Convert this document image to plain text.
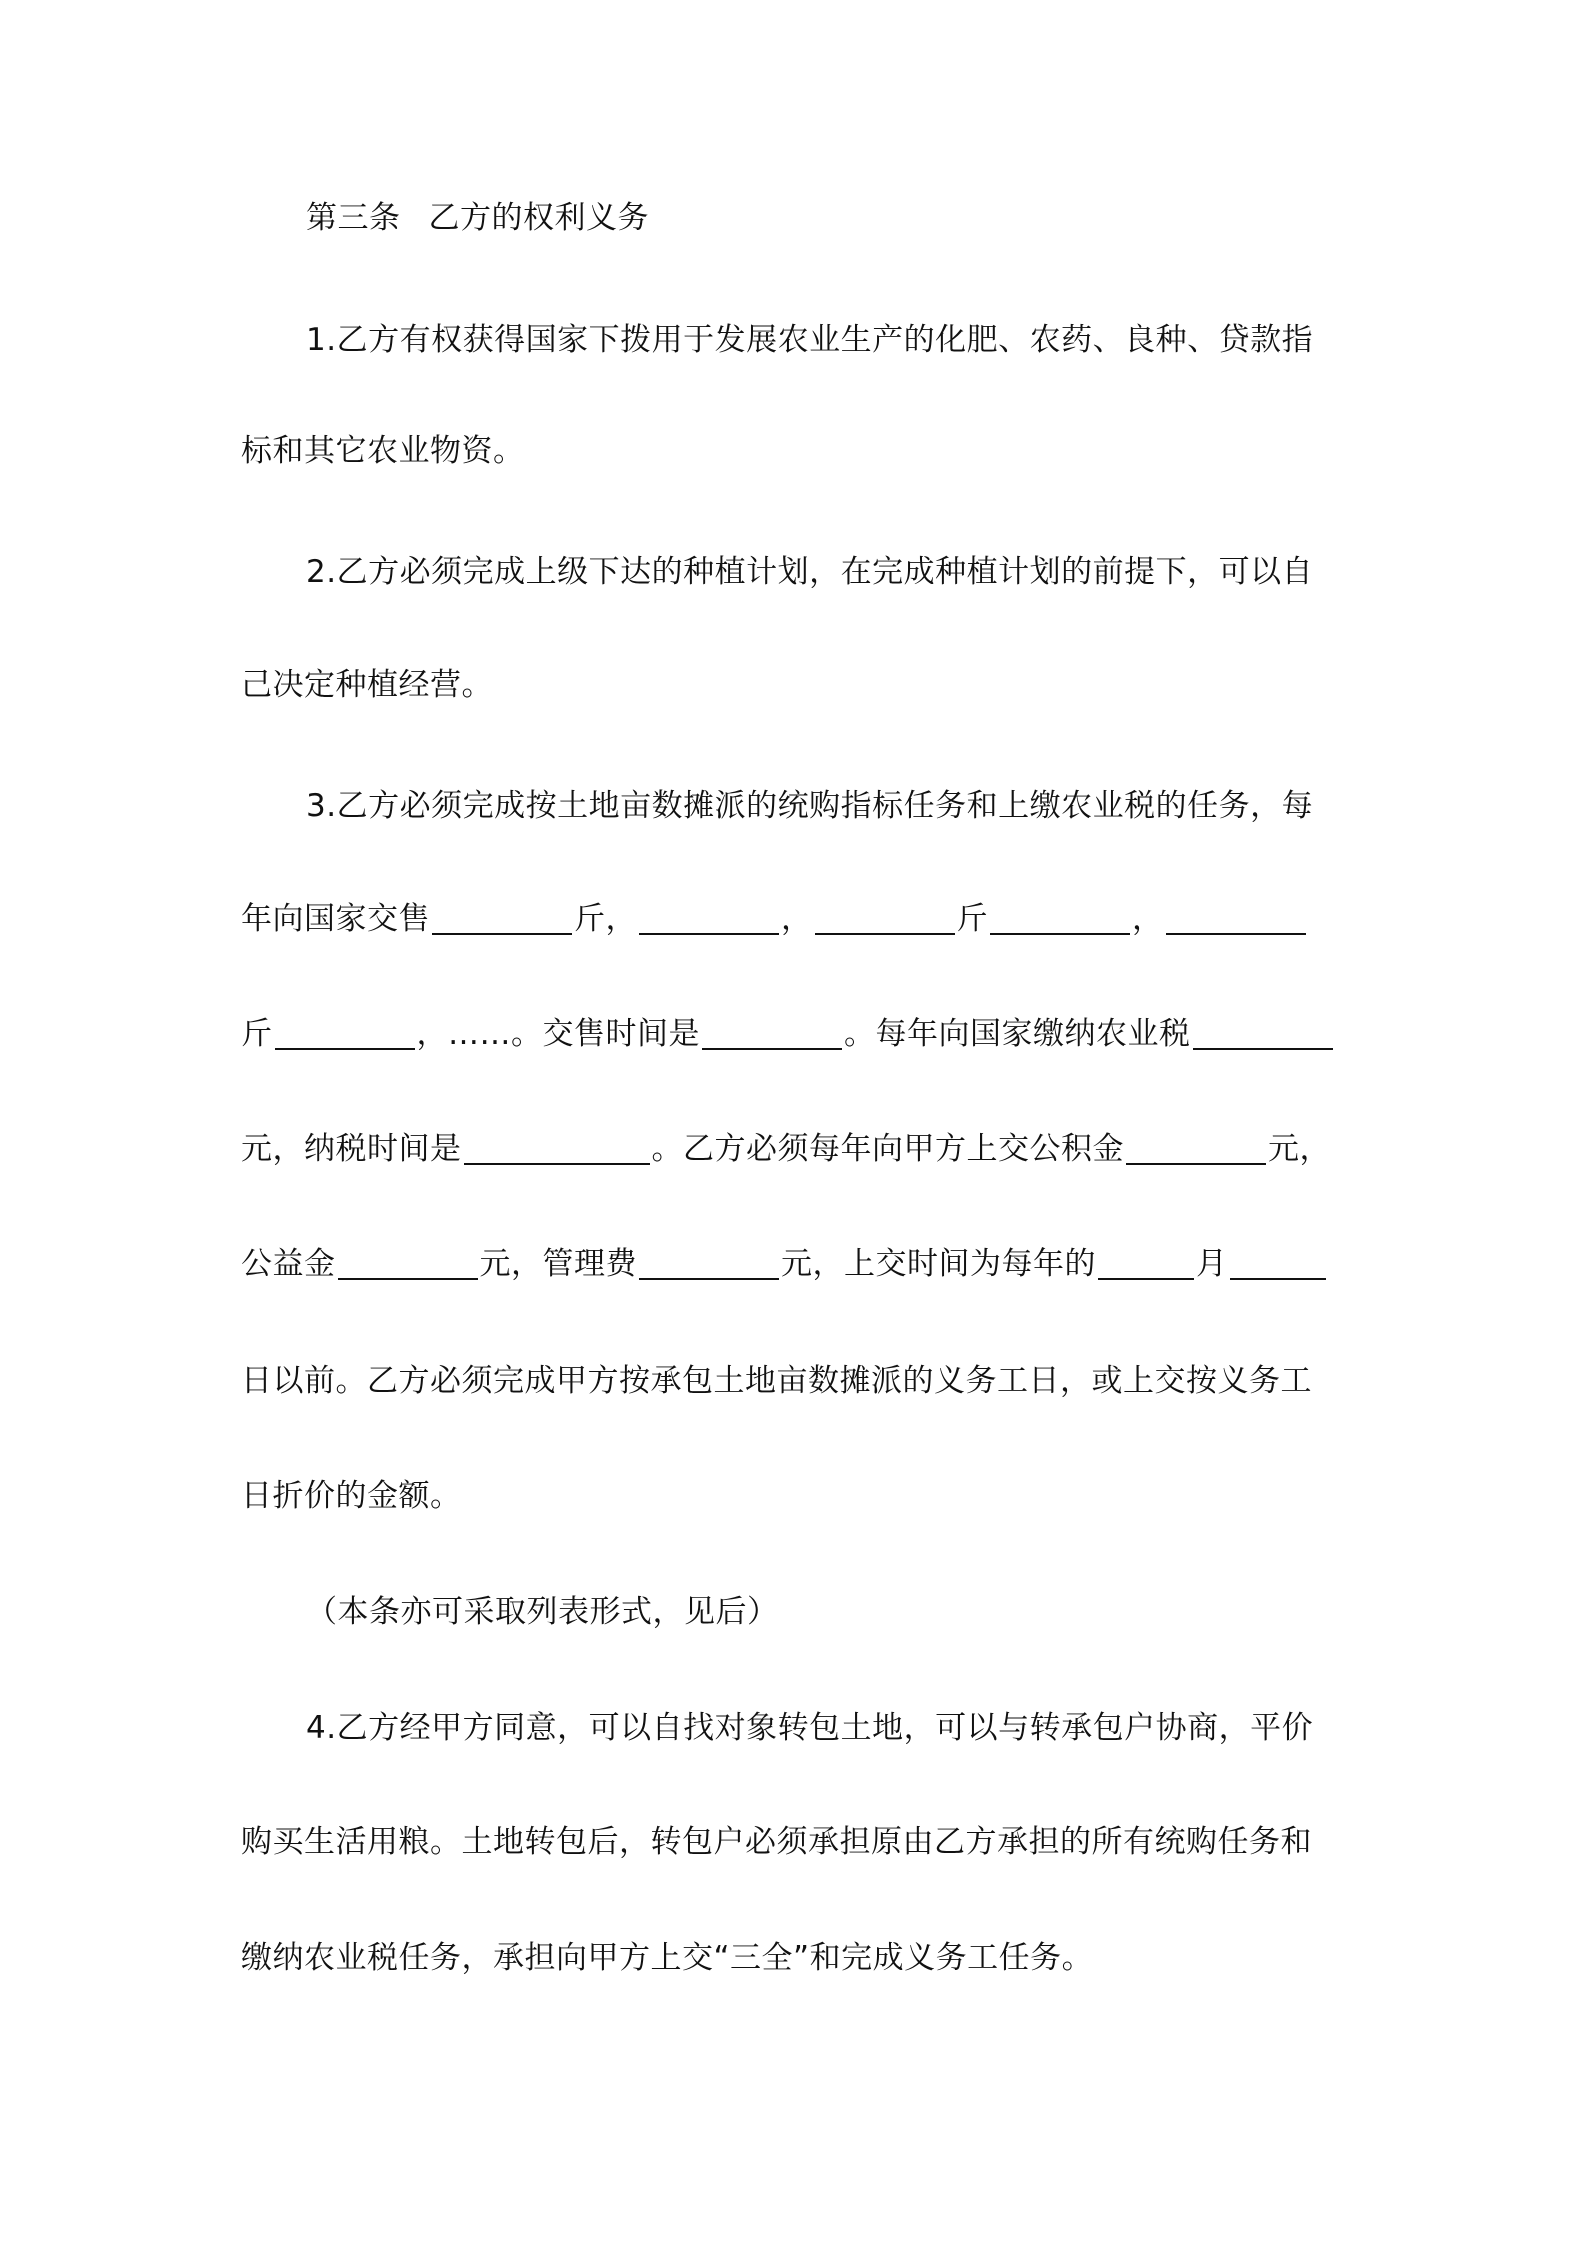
第三条 乙方的权利义务
1.乙方有权获得国家下拨用于发展农业生产的化肥、农药、良种、贷款指
标和其它农业物资。
2.乙方必须完成上级下达的种植计划，在完成种植计划的前提下，可以自
己决定种植经营。
3.乙方必须完成按土地亩数摊派的统购指标任务和上缴农业税的任务，每
年向国家交售	斤，	，	斤	，
斤	，……。交售时间是	。每年向国家缴纳农业税
元，纳税时间是	。乙方必须每年向甲方上交公积金	元，
公益金	元，管理费	元，上交时间为每年的	月
日以前。乙方必须完成甲方按承包土地亩数摊派的义务工日，或上交按义务工
日折价的金额。
（本条亦可采取列表形式，见后）
4.乙方经甲方同意，可以自找对象转包土地，可以与转承包户协商，平价
购买生活用粮。土地转包后，转包户必须承担原由乙方承担的所有统购任务和
缴纳农业税任务，承担向甲方上交“三全”和完成义务工任务。
